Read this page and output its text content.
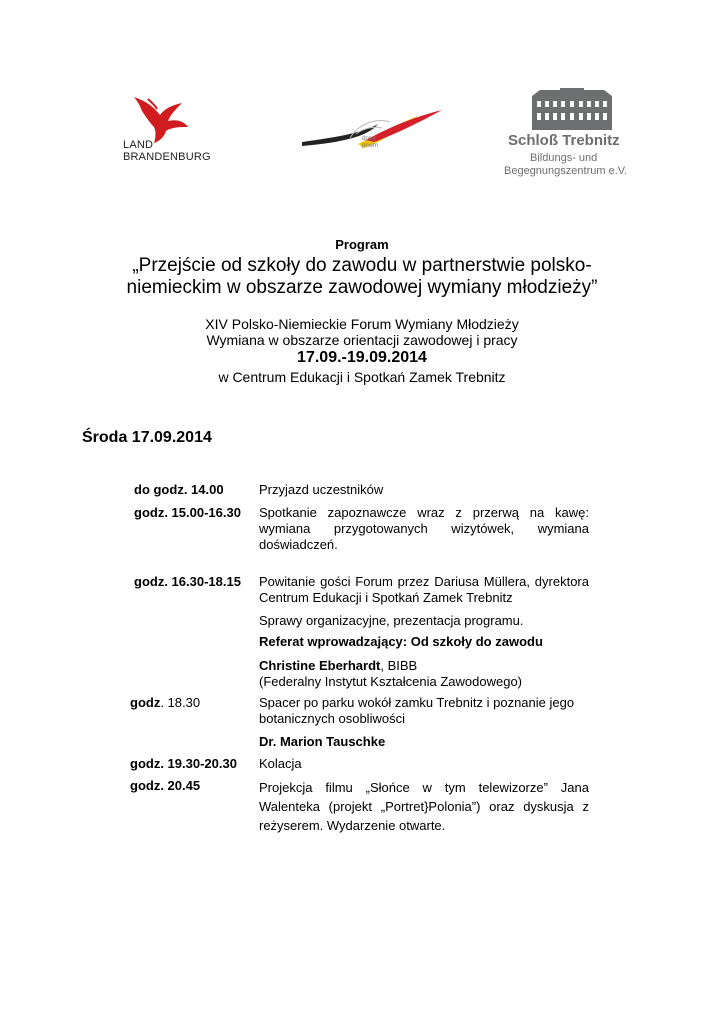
LAND
BRANDENBURG
dpsw
pnwm	Schloß Trebnitz
Bildungs- und
Begegnungszentrum e.V.
Program
„Przejście od szkoły do zawodu w partnerstwie polsko-
niemieckim w obszarze zawodowej wymiany młodzieży”
XIV Polsko-Niemieckie Forum Wymiany Młodzieży
Wymiana w obszarze orientacji zawodowej i pracy
17.09.-19.09.2014
w Centrum Edukacji i Spotkań Zamek Trebnitz
Środa 17.09.2014
do godz. 14.00	Przyjazd uczestników
godz. 15.00-16.30 Spotkanie zapoznawcze wraz z przerwą na kawę: wymiana przygotowanych wizytówek, wymiana doświadczeń.
godz. 16.30-18.15 Powitanie gości Forum przez Dariusa Müllera, dyrektora Centrum Edukacji i Spotkań Zamek Trebnitz
Sprawy organizacyjne, prezentacja programu.
Referat wprowadzający: Od szkoły do zawodu
Christine Eberhardt, BIBB
(Federalny Instytut Kształcenia Zawodowego)
godz. 18.30	Spacer po parku wokół zamku Trebnitz i poznanie jego botanicznych osobliwości
Dr. Marion Tauschke
godz. 19.30-20.30 Kolacja
godz. 20.45	Projekcja filmu „Słońce w tym telewizorze” Jana Walenteka (projekt „Portret}Polonia”) oraz dyskusja z reżyserem. Wydarzenie otwarte.
